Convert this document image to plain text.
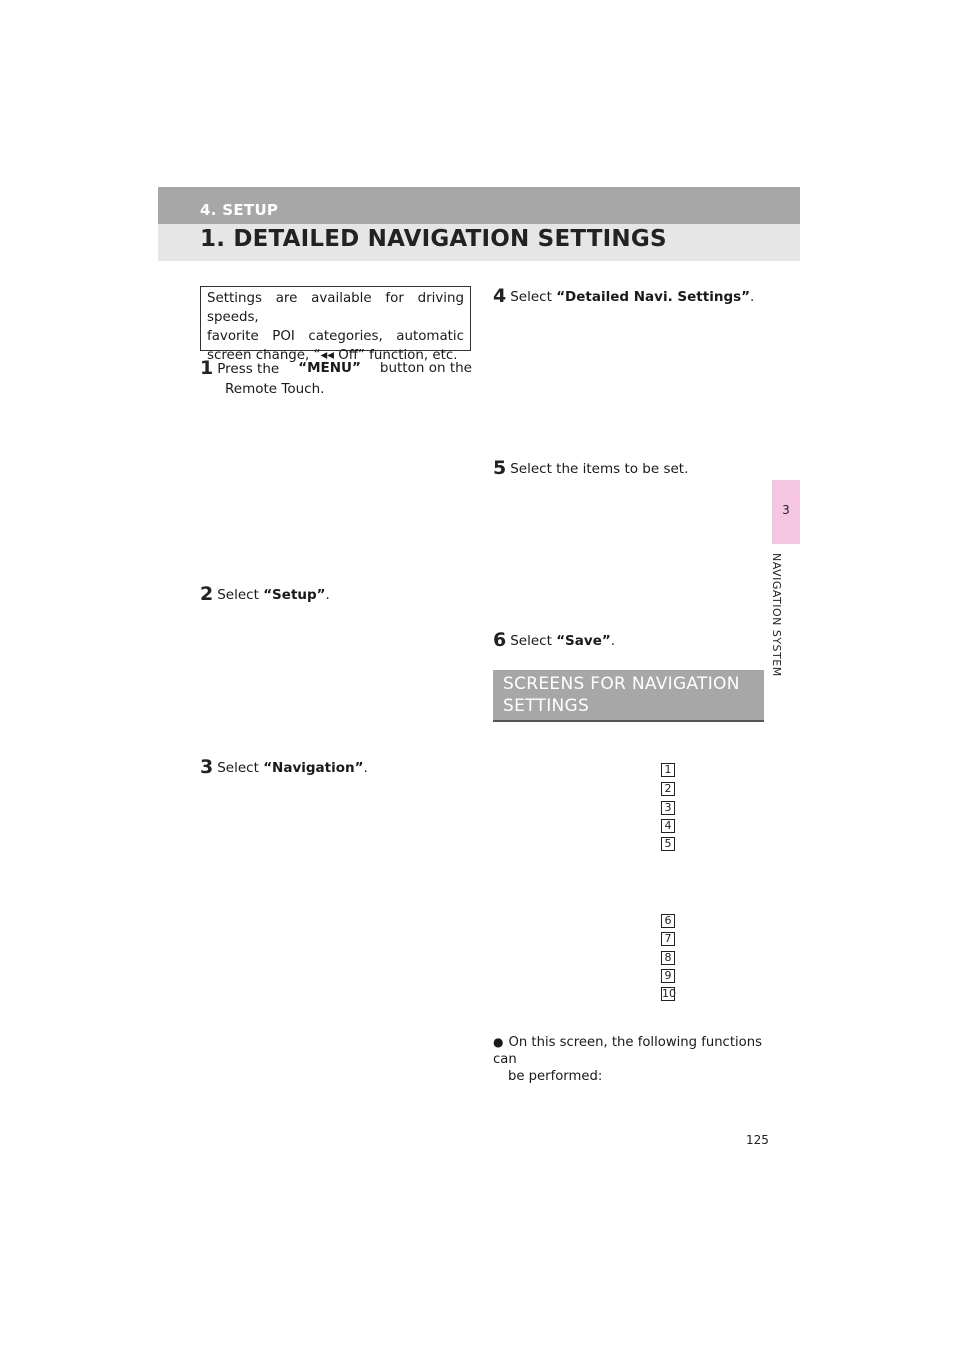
4. SETUP
1. DETAILED NAVIGATION SETTINGS
3
NAVIGATION SYSTEM
Settings are available for driving speeds,
favorite POI categories, automatic
screen change, “◂◂ Off” function, etc.
1 Press the “MENU” button on the
Remote Touch.
2 Select “Setup”.
3 Select “Navigation”.
4 Select “Detailed Navi. Settings”.
5 Select the items to be set.
6 Select “Save”.
SCREENS FOR NAVIGATION
SETTINGS
1
2
3
4
5
6
7
8
9
10
● On this screen, the following functions can
be performed:
125
